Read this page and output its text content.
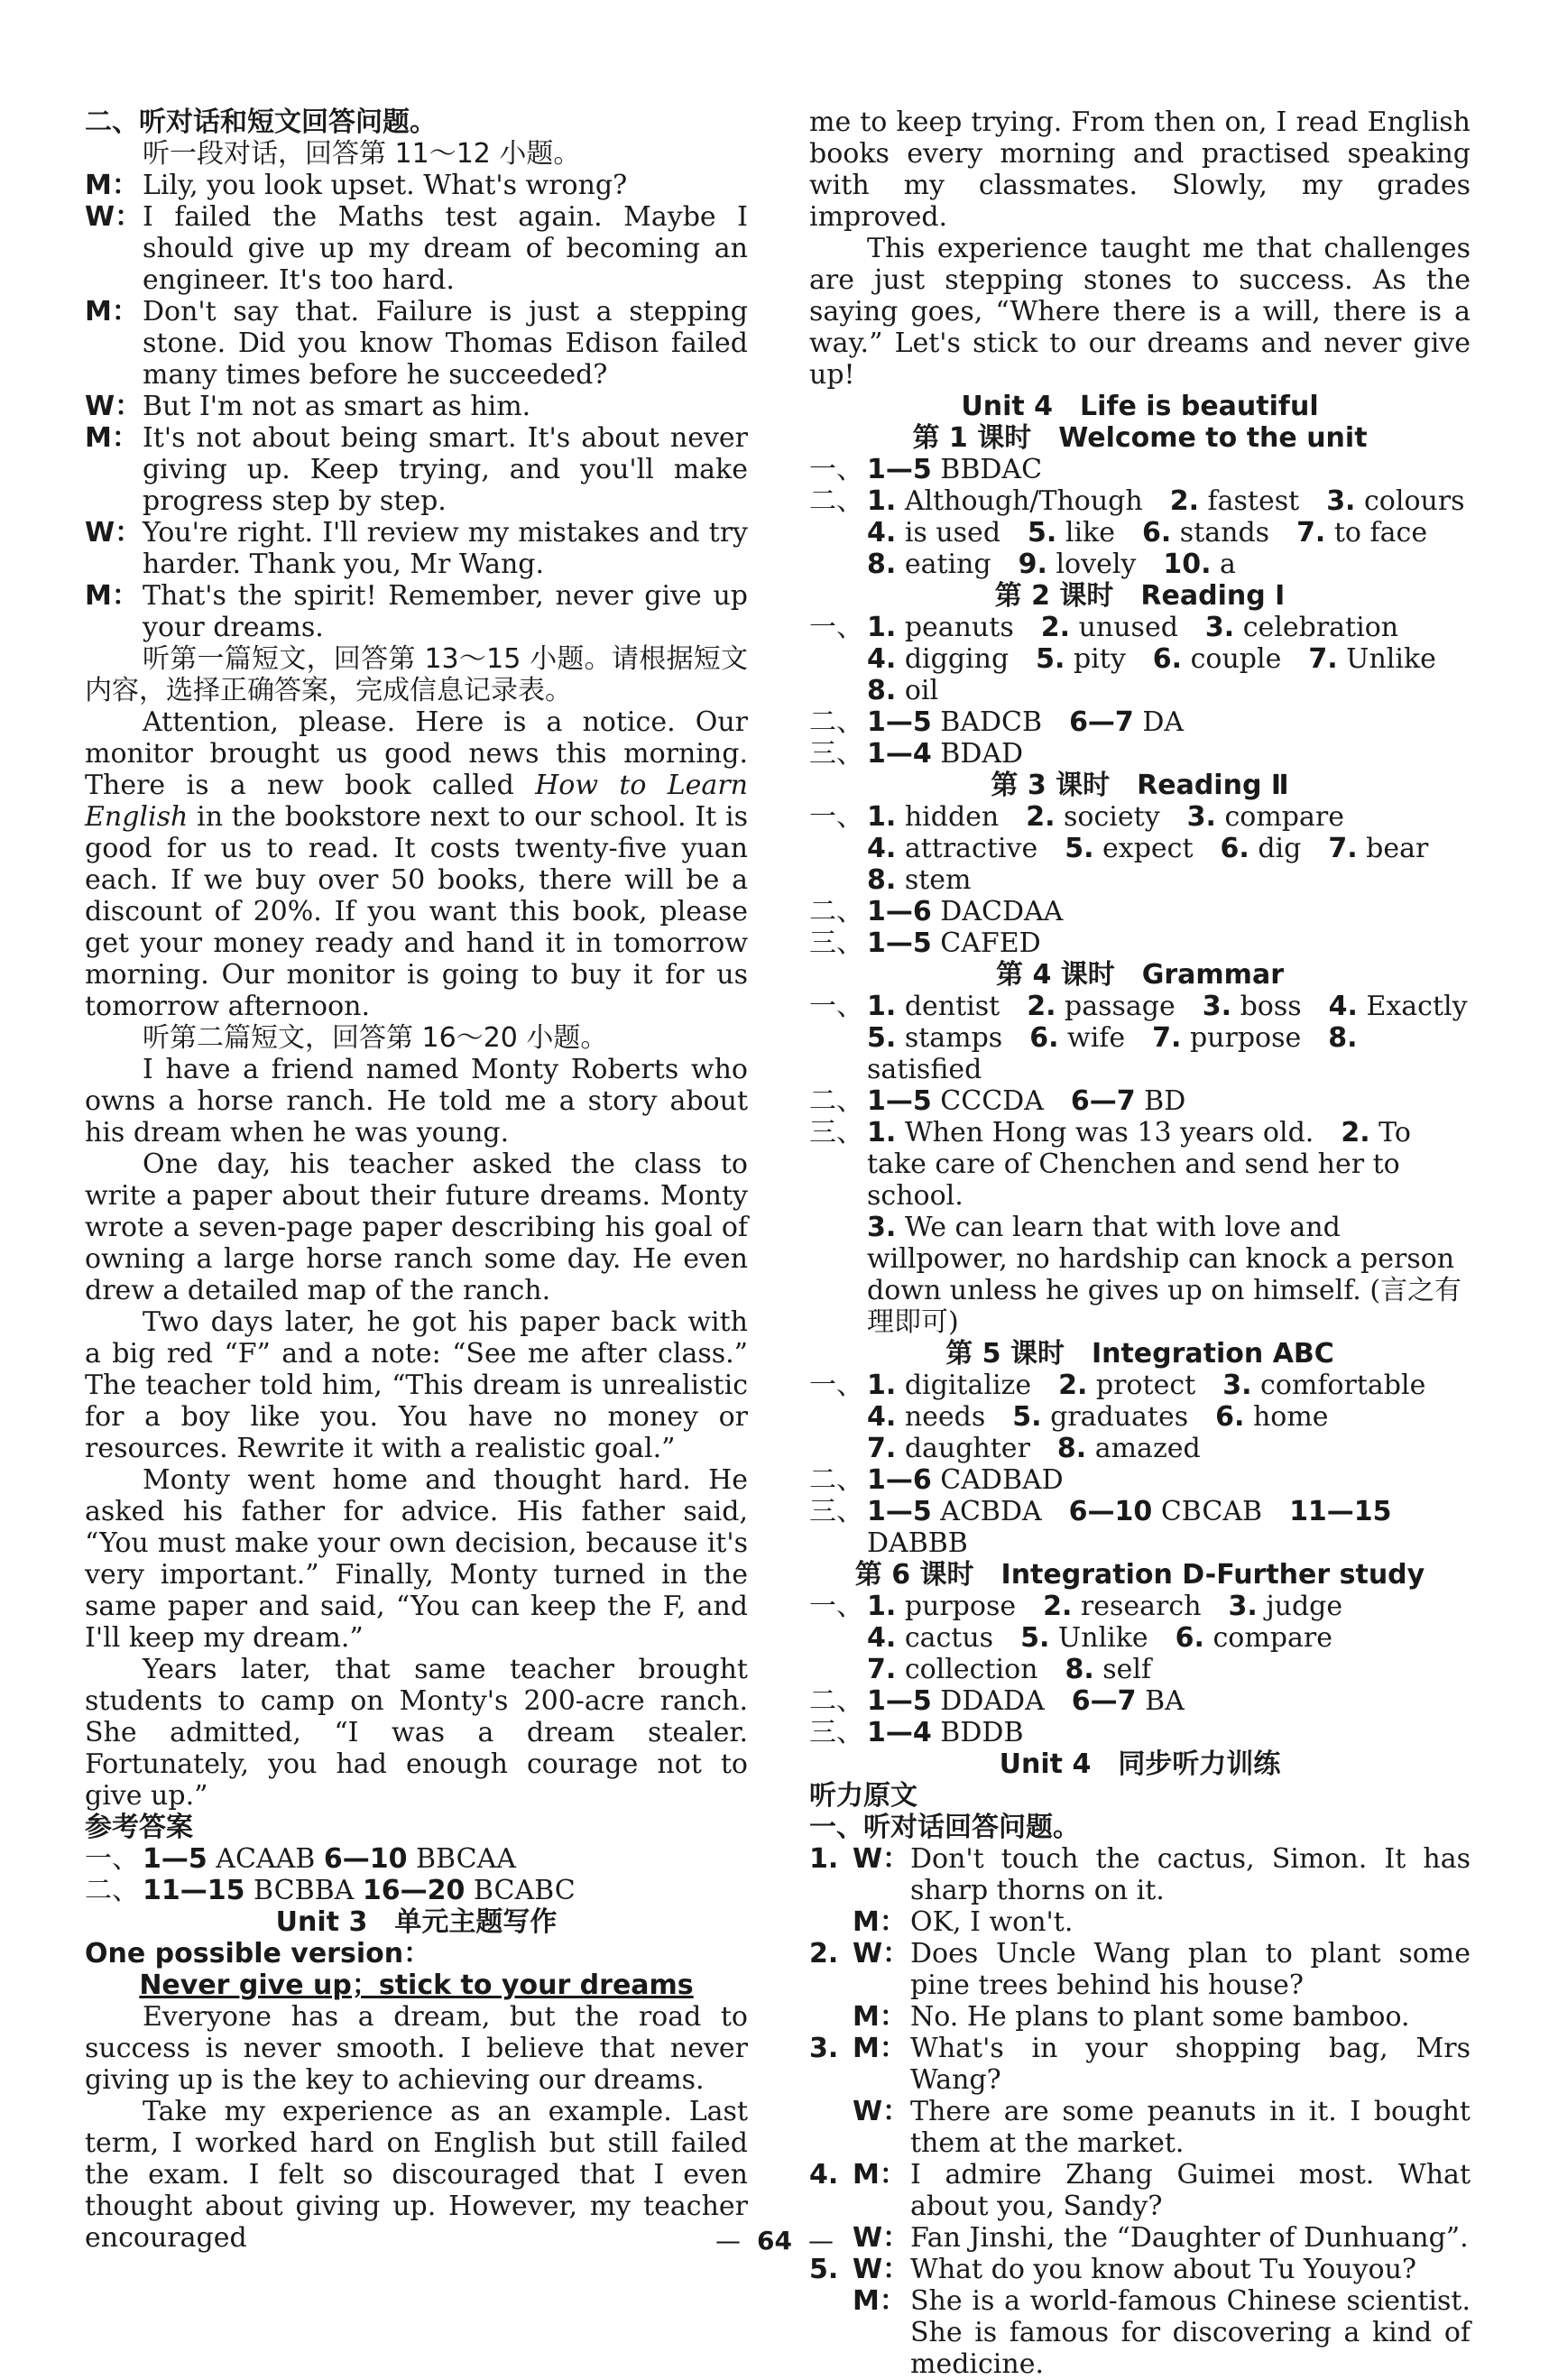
二、听对话和短文回答问题。

听一段对话，回答第 11～12 小题。

M： Lily, you look upset. What's wrong?
W： I failed the Maths test again. Maybe I should give up my dream of becoming an engineer. It's too hard.
M： Don't say that. Failure is just a stepping stone. Did you know Thomas Edison failed many times before he succeeded?
W： But I'm not as smart as him.
M： It's not about being smart. It's about never giving up. Keep trying, and you'll make progress step by step.
W： You're right. I'll review my mistakes and try harder. Thank you, Mr Wang.
M： That's the spirit! Remember, never give up your dreams.

听第一篇短文，回答第 13～15 小题。请根据短文内容，选择正确答案，完成信息记录表。

Attention, please. Here is a notice. Our monitor brought us good news this morning. There is a new book called How to Learn English in the bookstore next to our school. It is good for us to read. It costs twenty-five yuan each. If we buy over 50 books, there will be a discount of 20%. If you want this book, please get your money ready and hand it in tomorrow morning. Our monitor is going to buy it for us tomorrow afternoon.

听第二篇短文，回答第 16～20 小题。

I have a friend named Monty Roberts who owns a horse ranch. He told me a story about his dream when he was young.

One day, his teacher asked the class to write a paper about their future dreams. Monty wrote a seven-page paper describing his goal of owning a large horse ranch some day. He even drew a detailed map of the ranch.

Two days later, he got his paper back with a big red “F” and a note: “See me after class.” The teacher told him, “This dream is unrealistic for a boy like you. You have no money or resources. Rewrite it with a realistic goal.”

Monty went home and thought hard. He asked his father for advice. His father said, “You must make your own decision, because it's very important.” Finally, Monty turned in the same paper and said, “You can keep the F, and I'll keep my dream.”

Years later, that same teacher brought students to camp on Monty's 200-acre ranch. She admitted, “I was a dream stealer. Fortunately, you had enough courage not to give up.”

参考答案

一、 1—5 ACAAB 6—10 BBCAA
二、 11—15 BCBBA 16—20 BCABC

Unit 3　单元主题写作

One possible version：

Never give up；stick to your dreams

Everyone has a dream, but the road to success is never smooth. I believe that never giving up is the key to achieving our dreams.

Take my experience as an example. Last term, I worked hard on English but still failed the exam. I felt so discouraged that I even thought about giving up. However, my teacher encouraged

me to keep trying. From then on, I read English books every morning and practised speaking with my classmates. Slowly, my grades improved.

This experience taught me that challenges are just stepping stones to success. As the saying goes, “Where there is a will, there is a way.” Let's stick to our dreams and never give up!

Unit 4　Life is beautiful

第 1 课时　Welcome to the unit

一、 1—5 BBDAC
二、 1. Although/Though 2. fastest 3. colours
4. is used 5. like 6. stands 7. to face
8. eating 9. lovely 10. a

第 2 课时　Reading Ⅰ

一、 1. peanuts 2. unused 3. celebration
4. digging 5. pity 6. couple 7. Unlike
8. oil
二、 1—5 BADCB 6—7 DA
三、 1—4 BDAD

第 3 课时　Reading Ⅱ

一、 1. hidden 2. society 3. compare
4. attractive 5. expect 6. dig 7. bear
8. stem
二、 1—6 DACDAA
三、 1—5 CAFED

第 4 课时　Grammar

一、 1. dentist 2. passage 3. boss 4. Exactly
5. stamps 6. wife 7. purpose 8. satisfied
二、 1—5 CCCDA 6—7 BD
三、 1. When Hong was 13 years old. 2. To take care of Chenchen and send her to school.
3. We can learn that with love and willpower, no hardship can knock a person down unless he gives up on himself. (言之有理即可)

第 5 课时　Integration ABC

一、 1. digitalize 2. protect 3. comfortable
4. needs 5. graduates 6. home
7. daughter 8. amazed
二、 1—6 CADBAD
三、 1—5 ACBDA 6—10 CBCAB 11—15 DABBB

第 6 课时　Integration D-Further study

一、 1. purpose 2. research 3. judge
4. cactus 5. Unlike 6. compare
7. collection 8. self
二、 1—5 DDADA 6—7 BA
三、 1—4 BDDB

Unit 4　同步听力训练

听力原文

一、听对话回答问题。

1. W： Don't touch the cactus, Simon. It has sharp thorns on it.
M： OK, I won't.
2. W： Does Uncle Wang plan to plant some pine trees behind his house?
M： No. He plans to plant some bamboo.
3. M： What's in your shopping bag, Mrs Wang?
W： There are some peanuts in it. I bought them at the market.
4. M： I admire Zhang Guimei most. What about you, Sandy?
W： Fan Jinshi, the “Daughter of Dunhuang”.
5. W： What do you know about Tu Youyou?
M： She is a world-famous Chinese scientist. She is famous for discovering a kind of medicine.
— 64 —
